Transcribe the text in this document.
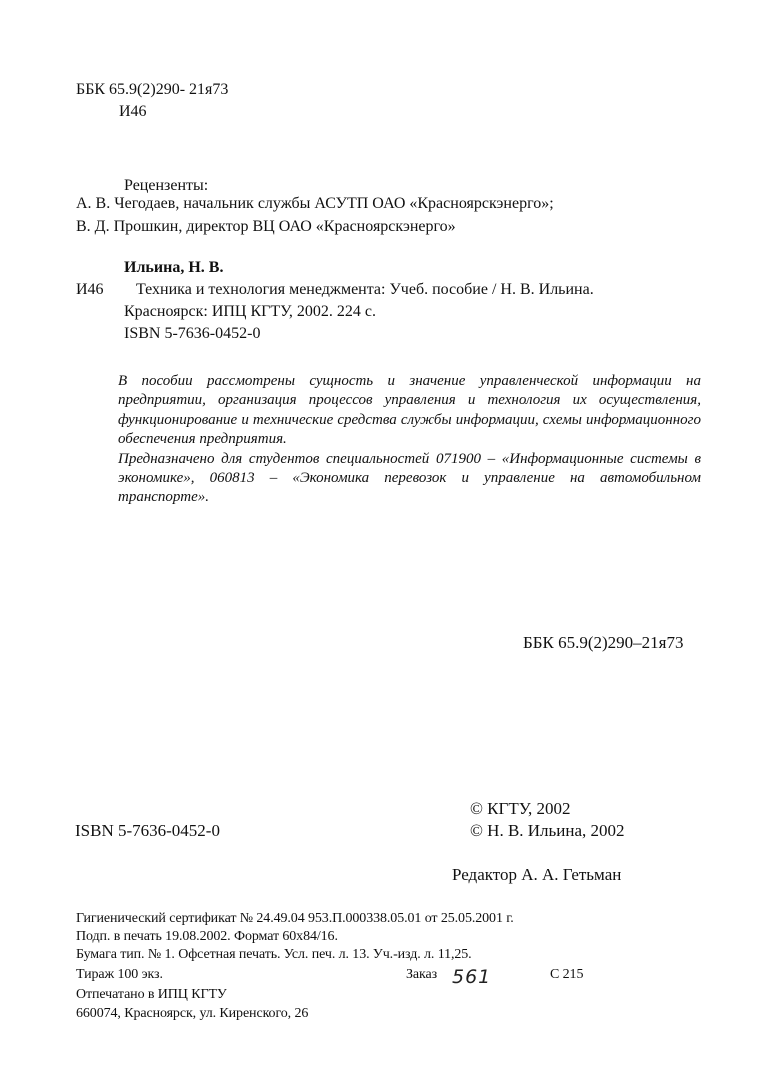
ББК 65.9(2)290- 21я73
И46
Рецензенты:
А. В. Чегодаев, начальник службы АСУТП ОАО «Красноярскэнерго»;
В. Д. Прошкин, директор ВЦ ОАО «Красноярскэнерго»
Ильина, Н. В.
И46 Техника и технология менеджмента: Учеб. пособие / Н. В. Ильина.
Красноярск: ИПЦ КГТУ, 2002. 224 с.
ISBN 5-7636-0452-0

В пособии рассмотрены сущность и значение управленческой информации на предприятии, организация процессов управления и технология их осуществления, функционирование и технические средства службы информации, схемы информационного обеспечения предприятия.

Предназначено для студентов специальностей 071900 – «Информационные системы в экономике», 060813 – «Экономика перевозок и управление на автомобильном транспорте».

ББК 65.9(2)290–21я73
© КГТУ, 2002
ISBN 5-7636-0452-0	© Н. В. Ильина, 2002
Редактор А. А. Гетьман
Гигиенический сертификат № 24.49.04 953.П.000338.05.01 от 25.05.2001 г.
Подп. в печать 19.08.2002. Формат 60х84/16.
Бумага тип. № 1. Офсетная печать. Усл. печ. л. 13. Уч.-изд. л. 11,25.
Тираж 100 экз.	Заказ 561	С 215
Отпечатано в ИПЦ КГТУ
660074, Красноярск, ул. Киренского, 26
